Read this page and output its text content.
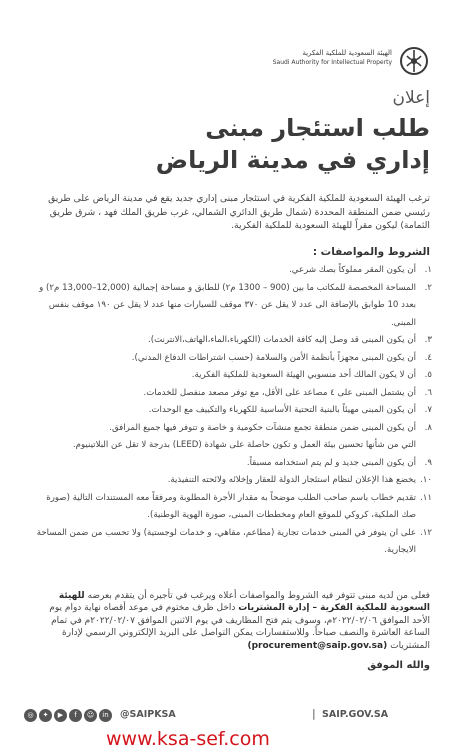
الهيئة السعودية للملكية الفكرية
Saudi Authority for Intellectual Property
إعلان
طلب استئجار مبنى
إداري في مدينة الرياض
ترغب الهيئة السعودية للملكية الفكرية في استئجار مبنى إداري جديد يقع في مدينة الرياض على طريق رئيسي ضمن المنطقة المحددة (شمال طريق الدائري الشمالي، غرب طريق الملك فهد ، شرق طريق الثمامة) ليكون مقراً للهيئة السعودية للملكية الفكرية.
الشروط والمواصفات :
١.
أن يكون المقر مملوكاً بصك شرعي.
٢.
المساحة المخصصة للمكاتب ما بين (900 – 1300 م٢) للطابق و مساحة إجمالية (12,000–13,000 م٢) و بعدد 10 طوابق بالإضافة الى عدد لا يقل عن ٣٧٠ موقف للسيارات منها عدد لا يقل عن ١٩٠ موقف بنفس المبنى.
٣.
أن يكون المبنى قد وصل إليه كافة الخدمات (الكهرباء،الماء،الهاتف،الانترنت).
٤.
أن يكون المبنى مجهزاً بأنظمة الأمن والسلامة (حسب اشتراطات الدفاع المدني).
٥.
أن لا يكون المالك أحد منسوبي الهيئة السعودية للملكية الفكرية.
٦.
أن يشتمل المبنى على ٤ مصاعد على الأقل، مع توفر مصعد منفصل للخدمات.
٧.
أن يكون المبنى مهيئاً بالبنية التحتية الأساسية للكهرباء والتكييف مع الوحدات.
٨.
أن يكون المبنى ضمن منطقة تجمع منشآت حكومية و خاصة و تتوفر فيها جميع المرافق.
التي من شأنها تحسين بيئة العمل و تكون حاصلة على شهادة (LEED) بدرجة لا تقل عن البلاتينيوم.
٩.
أن يكون المبنى جديد و لم يتم استخدامه مسبقاً.
١٠.
يخضع هذا الإعلان لنظام استئجار الدولة للعقار وإخلائه ولائحته التنفيذية.
١١.
تقديم خطاب باسم صاحب الطلب موضحاً به مقدار الأجرة المطلوبة ومرفقاً معه المستندات التالية (صورة صك الملكية، كروكي للموقع العام ومخططات المبنى، صورة الهوية الوطنية).
١٢.
على ان يتوفر في المبنى خدمات تجارية (مطاعم، مقاهي، و خدمات لوجستية) ولا تحسب من ضمن المساحة الايجارية.
فعلى من لديه مبنى تتوفر فيه الشروط والمواصفات أعلاه ويرغب في تأجيره أن يتقدم بعرضه للهيئة السعودية للملكية الفكرية – إدارة المشتريات داخل ظرف مختوم في موعد أقصاه نهاية دوام يوم الأحد الموافق ٢٠٢٢/٠٢/٠٦م، وسوف يتم فتح المظاريف في يوم الاثنين الموافق ٢٠٢٢/٠٢/٠٧م في تمام الساعة العاشرة والنصف صباحاً. وللاستفسارات يمكن التواصل على البريد الإلكتروني الرسمي لإدارة المشتريات (procurement@saip.gov.sa)
والله الموفق
◎	✦	▶	f	☺	in	@SAIPKSA	| SAIP.GOV.SA
www.ksa-sef.com
